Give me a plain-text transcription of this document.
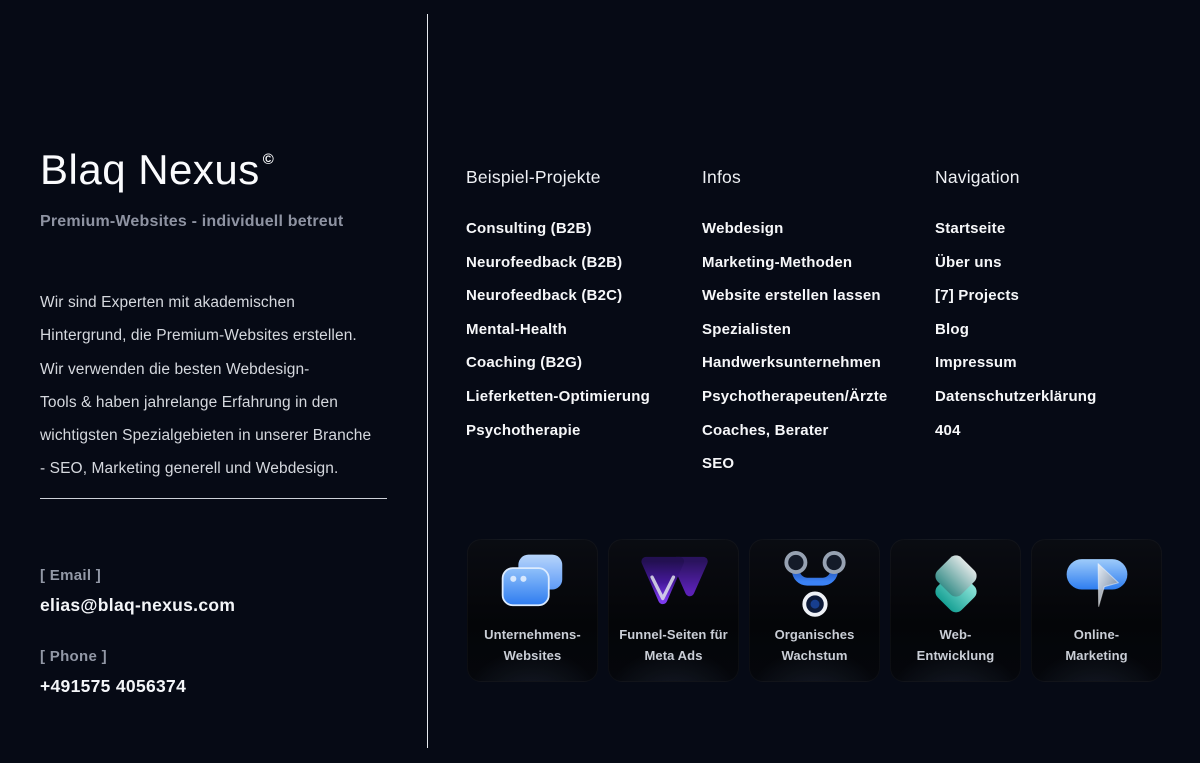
Blaq Nexus ©
Premium-Websites - individuell betreut
Wir sind Experten mit akademischen
Hintergrund, die Premium-Websites erstellen.
Wir verwenden die besten Webdesign-
Tools & haben jahrelange Erfahrung in den
wichtigsten Spezialgebieten in unserer Branche
- SEO, Marketing generell und Webdesign.
[ Email ]
elias@blaq-nexus.com
[ Phone ]
+491575 4056374
Beispiel-Projekte
Consulting (B2B)
Neurofeedback (B2B)
Neurofeedback (B2C)
Mental-Health
Coaching (B2G)
Lieferketten-Optimierung
Psychotherapie
Infos
Webdesign
Marketing-Methoden
Website erstellen lassen
Spezialisten
Handwerksunternehmen
Psychotherapeuten/Ärzte
Coaches, Berater
SEO
Navigation
Startseite
Über uns
[7] Projects
Blog
Impressum
Datenschutzerklärung
404
Unternehmens-
Websites
Funnel-Seiten für
Meta Ads
Organisches
Wachstum
Web-
Entwicklung
Online-
Marketing
